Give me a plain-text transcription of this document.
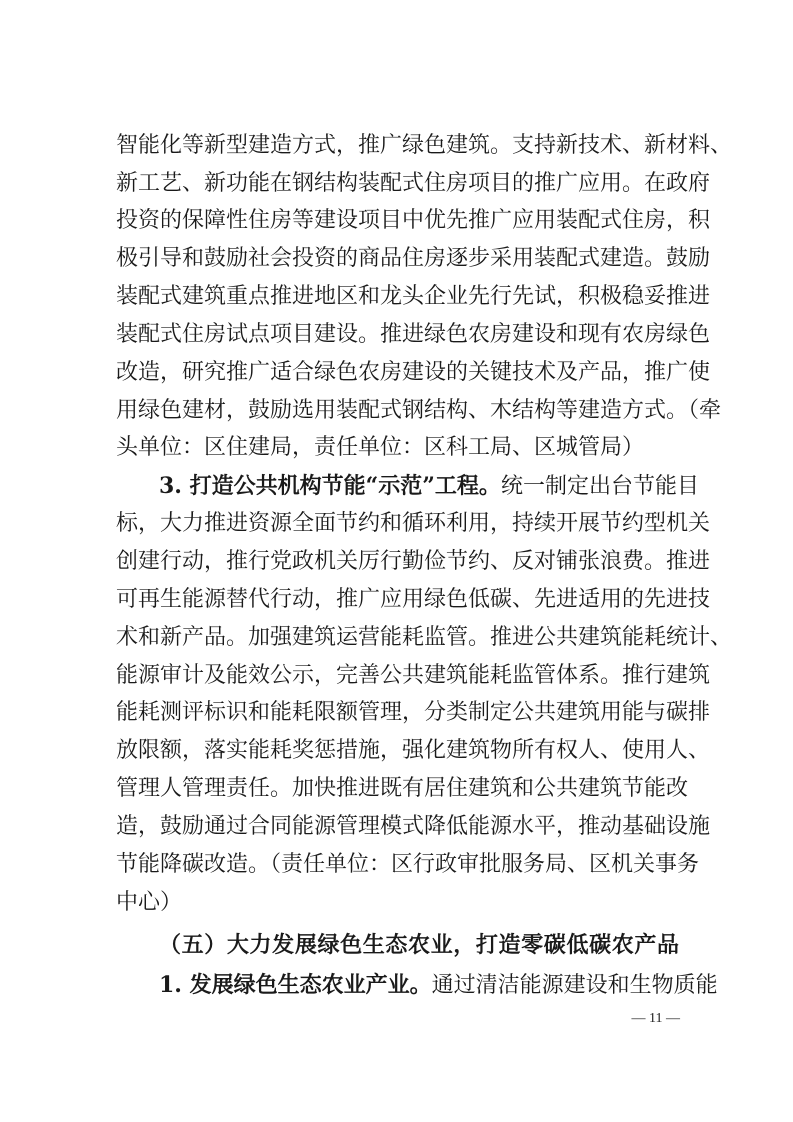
智能化等新型建造方式，推广绿色建筑。支持新技术、新材料、
新工艺、新功能在钢结构装配式住房项目的推广应用。在政府
投资的保障性住房等建设项目中优先推广应用装配式住房，积
极引导和鼓励社会投资的商品住房逐步采用装配式建造。鼓励
装配式建筑重点推进地区和龙头企业先行先试，积极稳妥推进
装配式住房试点项目建设。推进绿色农房建设和现有农房绿色
改造，研究推广适合绿色农房建设的关键技术及产品，推广使
用绿色建材，鼓励选用装配式钢结构、木结构等建造方式。（牵
头单位：区住建局，责任单位：区科工局、区城管局）
3. 打造公共机构节能“示范”工程。统一制定出台节能目
标，大力推进资源全面节约和循环利用，持续开展节约型机关
创建行动，推行党政机关厉行勤俭节约、反对铺张浪费。推进
可再生能源替代行动，推广应用绿色低碳、先进适用的先进技
术和新产品。加强建筑运营能耗监管。推进公共建筑能耗统计、
能源审计及能效公示，完善公共建筑能耗监管体系。推行建筑
能耗测评标识和能耗限额管理，分类制定公共建筑用能与碳排
放限额，落实能耗奖惩措施，强化建筑物所有权人、使用人、
管理人管理责任。加快推进既有居住建筑和公共建筑节能改
造，鼓励通过合同能源管理模式降低能源水平，推动基础设施
节能降碳改造。（责任单位：区行政审批服务局、区机关事务
中心）
（五）大力发展绿色生态农业，打造零碳低碳农产品
1. 发展绿色生态农业产业。通过清洁能源建设和生物质能
— 11 —
